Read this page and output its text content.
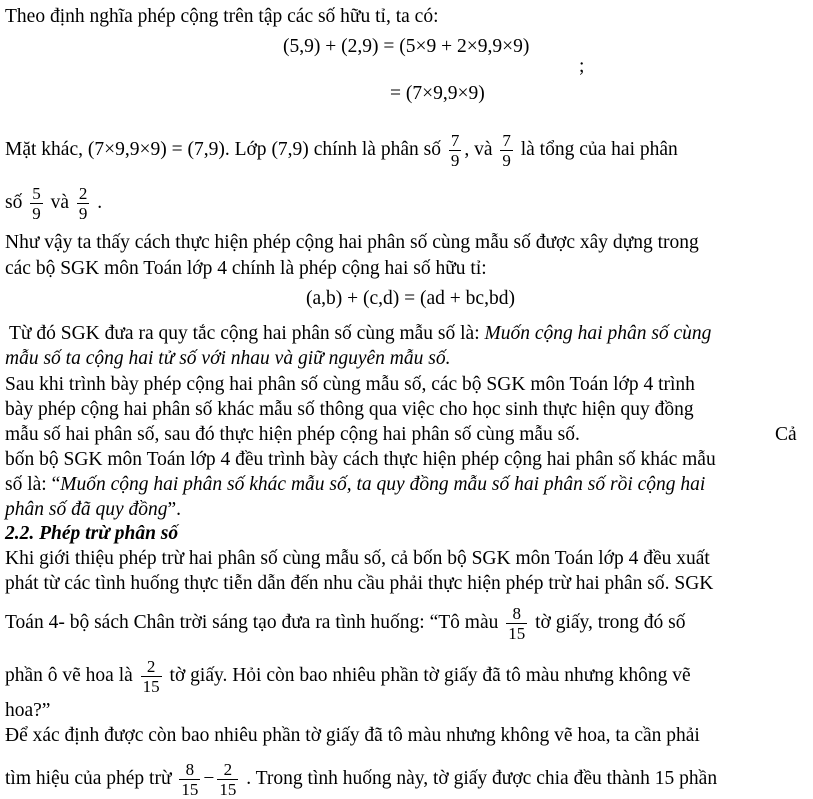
Theo định nghĩa phép cộng trên tập các số hữu tỉ, ta có:
(5,9) + (2,9) = (5×9 + 2×9,9×9)
;
= (7×9,9×9)
Mặt khác, (7×9,9×9) = (7,9). Lớp (7,9) chính là phân số $\frac{7}{9}$ , và $\frac{7}{9}$ là tổng của hai phân
số $\frac{5}{9}$ và $\frac{2}{9}$ .
Như vậy ta thấy cách thực hiện phép cộng hai phân số cùng mẫu số được xây dựng trong
các bộ SGK môn Toán lớp 4 chính là phép cộng hai số hữu tỉ:
(a,b) + (c,d) = (ad + bc,bd)
Từ đó SGK đưa ra quy tắc cộng hai phân số cùng mẫu số là: Muốn cộng hai phân số cùng
mẫu số ta cộng hai tử số với nhau và giữ nguyên mẫu số.
Sau khi trình bày phép cộng hai phân số cùng mẫu số, các bộ SGK môn Toán lớp 4 trình
bày phép cộng hai phân số khác mẫu số thông qua việc cho học sinh thực hiện quy đồng
mẫu số hai phân số, sau đó thực hiện phép cộng hai phân số cùng mẫu số.	Cả
bốn bộ SGK môn Toán lớp 4 đều trình bày cách thực hiện phép cộng hai phân số khác mẫu
số là: “Muốn cộng hai phân số khác mẫu số, ta quy đồng mẫu số hai phân số rồi cộng hai
phân số đã quy đồng”.
2.2. Phép trừ phân số
Khi giới thiệu phép trừ hai phân số cùng mẫu số, cả bốn bộ SGK môn Toán lớp 4 đều xuất
phát từ các tình huống thực tiễn dẫn đến nhu cầu phải thực hiện phép trừ hai phân số. SGK
Toán 4- bộ sách Chân trời sáng tạo đưa ra tình huống: “Tô màu $\frac{8}{15}$ tờ giấy, trong đó số
phần ô vẽ hoa là $\frac{2}{15}$ tờ giấy. Hỏi còn bao nhiêu phần tờ giấy đã tô màu nhưng không vẽ
hoa?”
Để xác định được còn bao nhiêu phần tờ giấy đã tô màu nhưng không vẽ hoa, ta cần phải
tìm hiệu của phép trừ $\frac{8}{15} - \frac{2}{15}$ . Trong tình huống này, tờ giấy được chia đều thành 15 phần
